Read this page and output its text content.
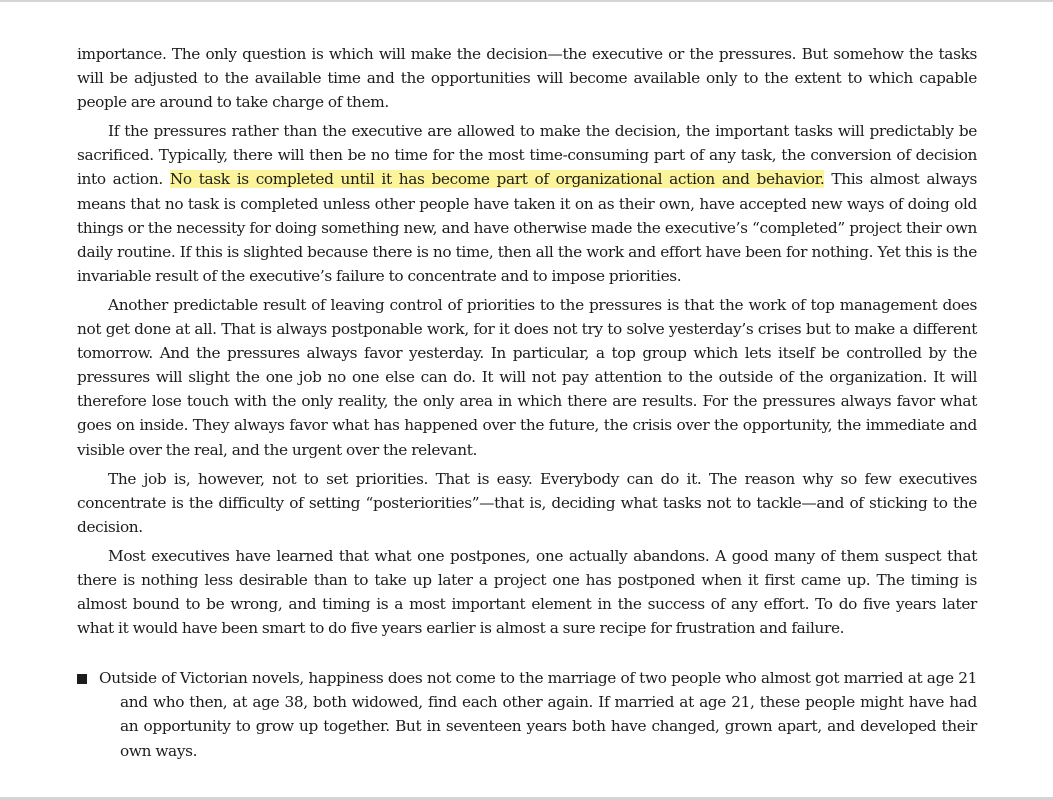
importance. The only question is which will make the decision—the executive or the pressures. But somehow the tasks will be adjusted to the available time and the opportunities will become available only to the extent to which capable people are around to take charge of them.

If the pressures rather than the executive are allowed to make the decision, the important tasks will predictably be sacrificed. Typically, there will then be no time for the most time-consuming part of any task, the conversion of decision into action. No task is completed until it has become part of organizational action and behavior. This almost always means that no task is completed unless other people have taken it on as their own, have accepted new ways of doing old things or the necessity for doing something new, and have otherwise made the executive’s “completed” project their own daily routine. If this is slighted because there is no time, then all the work and effort have been for nothing. Yet this is the invariable result of the executive’s failure to concentrate and to impose priorities.

Another predictable result of leaving control of priorities to the pressures is that the work of top management does not get done at all. That is always postponable work, for it does not try to solve yesterday’s crises but to make a different tomorrow. And the pressures always favor yesterday. In particular, a top group which lets itself be controlled by the pressures will slight the one job no one else can do. It will not pay attention to the outside of the organization. It will therefore lose touch with the only reality, the only area in which there are results. For the pressures always favor what goes on inside. They always favor what has happened over the future, the crisis over the opportunity, the immediate and visible over the real, and the urgent over the relevant.

The job is, however, not to set priorities. That is easy. Everybody can do it. The reason why so few executives concentrate is the difficulty of setting “posteriorities”—that is, deciding what tasks not to tackle—and of sticking to the decision.

Most executives have learned that what one postpones, one actually abandons. A good many of them suspect that there is nothing less desirable than to take up later a project one has postponed when it first came up. The timing is almost bound to be wrong, and timing is a most important element in the success of any effort. To do five years later what it would have been smart to do five years earlier is almost a sure recipe for frustration and failure.

Outside of Victorian novels, happiness does not come to the marriage of two people who almost got married at age 21 and who then, at age 38, both widowed, find each other again. If married at age 21, these people might have had an opportunity to grow up together. But in seventeen years both have changed, grown apart, and developed their own ways.
